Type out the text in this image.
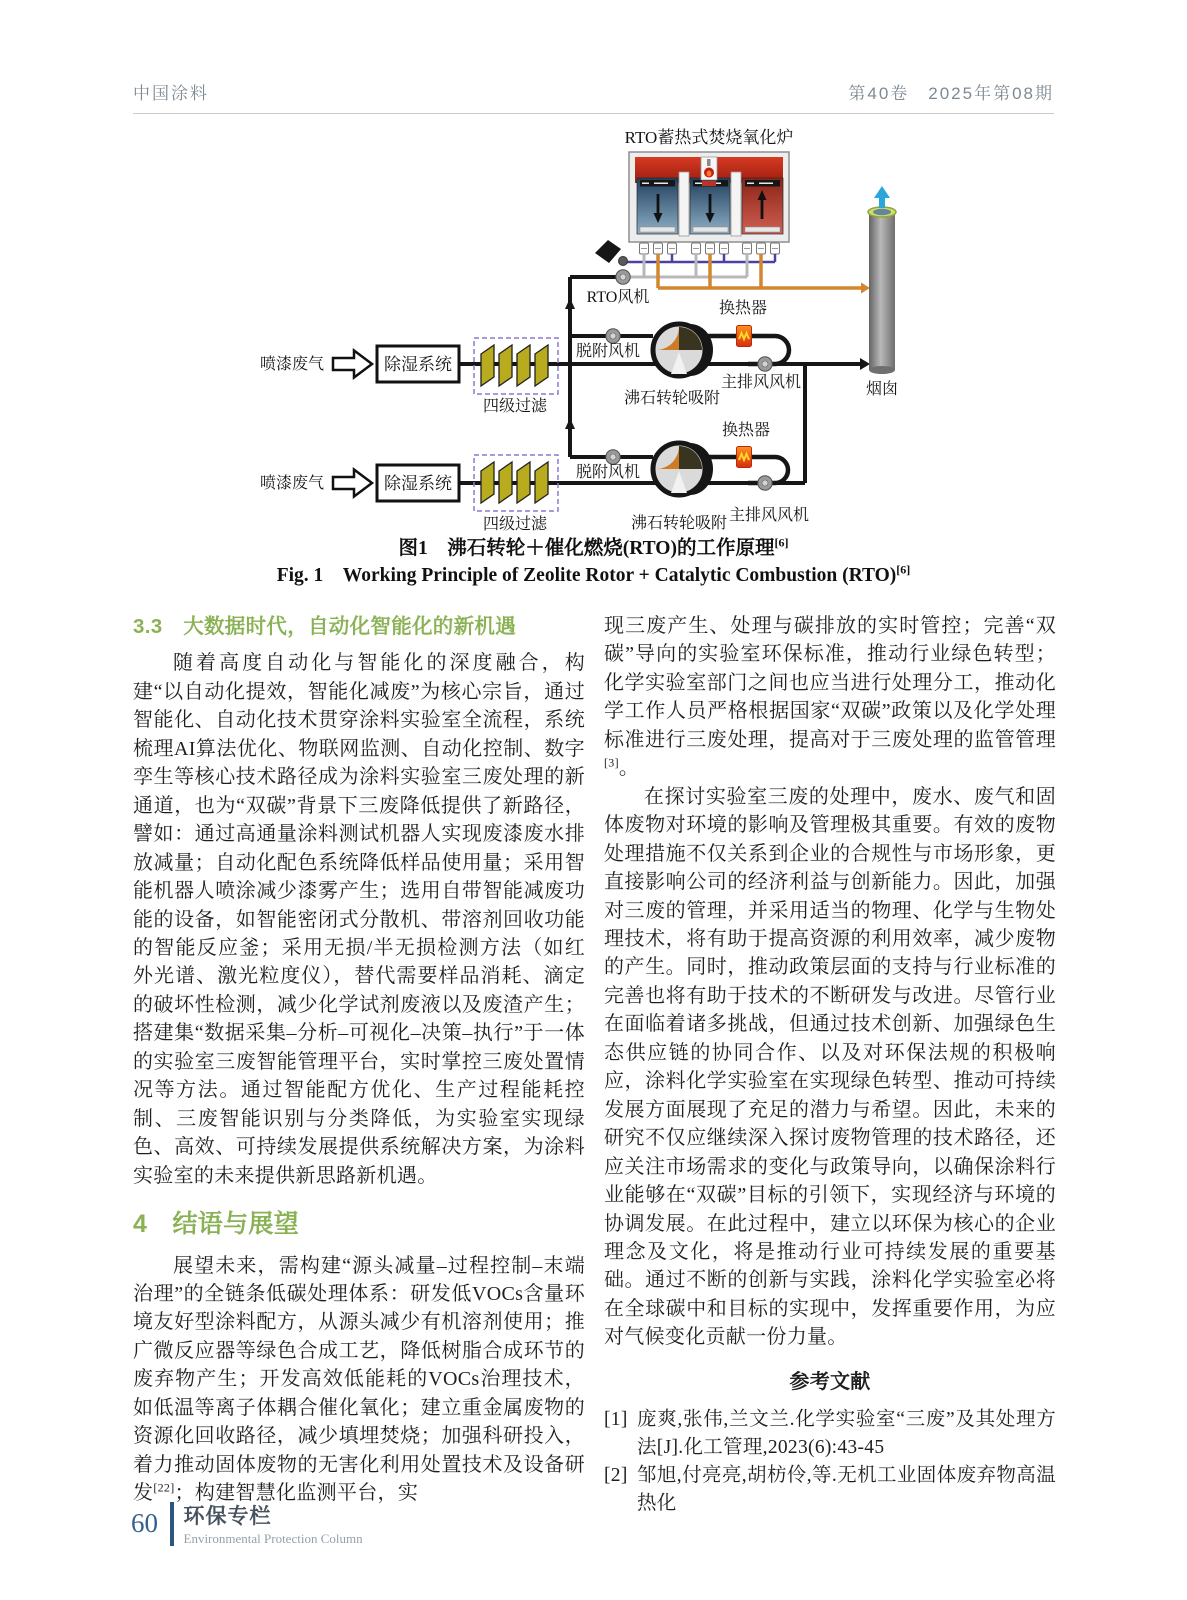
中国涂料	第40卷　2025年第08期
除湿系统
除湿系统
RTO蓄热式焚烧氧化炉
RTO风机
脱附风机
换热器
沸石转轮吸附
主排风风机	烟囱
喷漆废气
喷漆废气
四级过滤
四级过滤
脱附风机
换热器
沸石转轮吸附 主排风风机
图1　沸石转轮＋催化燃烧(RTO)的工作原理[6]
Fig. 1　Working Principle of Zeolite Rotor + Catalytic Combustion (RTO)[6]
3.3　大数据时代，自动化智能化的新机遇

随着高度自动化与智能化的深度融合，构建“以自动化提效，智能化减废”为核心宗旨，通过智能化、自动化技术贯穿涂料实验室全流程，系统梳理AI算法优化、物联网监测、自动化控制、数字孪生等核心技术路径成为涂料实验室三废处理的新通道，也为“双碳”背景下三废降低提供了新路径，譬如：通过高通量涂料测试机器人实现废漆废水排放减量；自动化配色系统降低样品使用量；采用智能机器人喷涂减少漆雾产生；选用自带智能减废功能的设备，如智能密闭式分散机、带溶剂回收功能的智能反应釜；采用无损/半无损检测方法（如红外光谱、激光粒度仪），替代需要样品消耗、滴定的破坏性检测，减少化学试剂废液以及废渣产生；搭建集“数据采集–分析–可视化–决策–执行”于一体的实验室三废智能管理平台，实时掌控三废处置情况等方法。通过智能配方优化、生产过程能耗控制、三废智能识别与分类降低，为实验室实现绿色、高效、可持续发展提供系统解决方案，为涂料实验室的未来提供新思路新机遇。

4　结语与展望

展望未来，需构建“源头减量–过程控制–末端治理”的全链条低碳处理体系：研发低VOCs含量环境友好型涂料配方，从源头减少有机溶剂使用；推广微反应器等绿色合成工艺，降低树脂合成环节的废弃物产生；开发高效低能耗的VOCs治理技术，如低温等离子体耦合催化氧化；建立重金属废物的资源化回收路径，减少填埋焚烧；加强科研投入，着力推动固体废物的无害化利用处置技术及设备研发[22]；构建智慧化监测平台，实

现三废产生、处理与碳排放的实时管控；完善“双碳”导向的实验室环保标准，推动行业绿色转型；化学实验室部门之间也应当进行处理分工，推动化学工作人员严格根据国家“双碳”政策以及化学处理标准进行三废处理，提高对于三废处理的监管管理[3]。

在探讨实验室三废的处理中，废水、废气和固体废物对环境的影响及管理极其重要。有效的废物处理措施不仅关系到企业的合规性与市场形象，更直接影响公司的经济利益与创新能力。因此，加强对三废的管理，并采用适当的物理、化学与生物处理技术，将有助于提高资源的利用效率，减少废物的产生。同时，推动政策层面的支持与行业标准的完善也将有助于技术的不断研发与改进。尽管行业在面临着诸多挑战，但通过技术创新、加强绿色生态供应链的协同合作、以及对环保法规的积极响应，涂料化学实验室在实现绿色转型、推动可持续发展方面展现了充足的潜力与希望。因此，未来的研究不仅应继续深入探讨废物管理的技术路径，还应关注市场需求的变化与政策导向，以确保涂料行业能够在“双碳”目标的引领下，实现经济与环境的协调发展。在此过程中，建立以环保为核心的企业理念及文化，将是推动行业可持续发展的重要基础。通过不断的创新与实践，涂料化学实验室必将在全球碳中和目标的实现中，发挥重要作用，为应对气候变化贡献一份力量。

参考文献
[1] 庞爽,张伟,兰文兰.化学实验室“三废”及其处理方法[J].化工管理,2023(6):43-45
[2] 邹旭,付亮亮,胡枋伶,等.无机工业固体废弃物高温热化
60 环保专栏
Environmental Protection Column
